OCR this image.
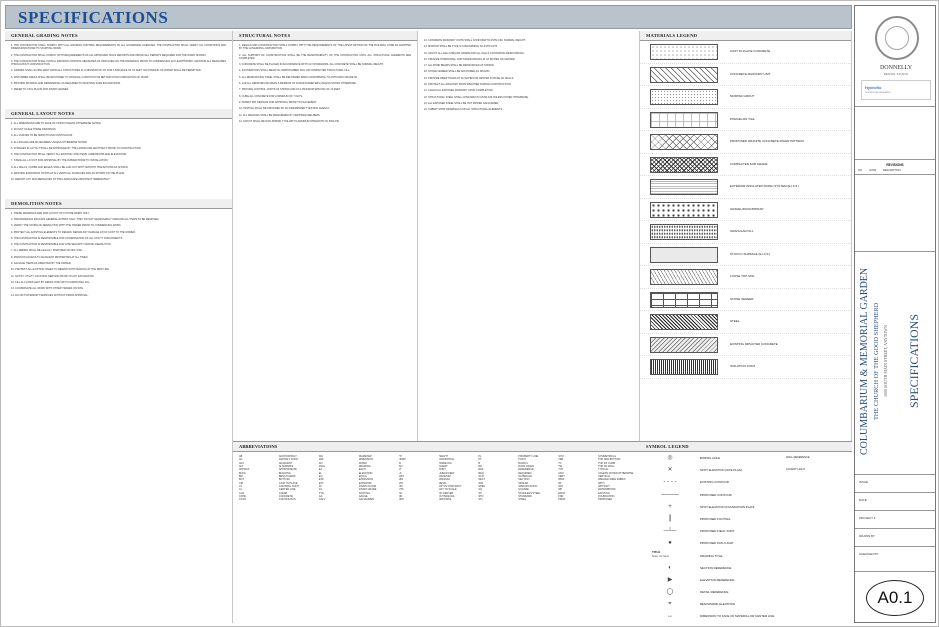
SPECIFICATIONS
GENERAL GRADING NOTES
1. THE CONTRACTOR SHALL COMPLY WITH ALL GRADING CONTROL REQUIREMENTS OF ALL GOVERNING AGENCIES. THE CONTRACTOR SHALL VERIFY ALL CONDITIONS AND DIMENSIONS PRIOR TO STARTING WORK.
2. THE CONTRACTOR SHALL COMPLY WITH REQUIREMENTS OF ALL APPROVED SOILS REPORTS AND OBTAIN ALL PERMITS REQUIRED FOR THE WORK SHOWN.
3. THE CONTRACTOR SHALL INSTALL EROSION CONTROL MEASURES AS INDICATED ON THE DRAWINGS PRIOR TO COMMENCING ANY EARTHWORK. MAINTAIN ALL MEASURES THROUGHOUT CONSTRUCTION.
4. GRADES SHALL SLOPE AWAY FROM ALL STRUCTURES AT A MINIMUM OF 2% FOR A DISTANCE OF 10 FEET. NO PONDING OF WATER SHALL BE PERMITTED.
5. DISTURBED AREAS SHALL BE RESTORED TO ORIGINAL CONDITION OR BETTER UPON COMPLETION OF WORK.
6. PROVIDE SHORING AND DEWATERING AS REQUIRED TO MAINTAIN SAFE EXCAVATIONS.
7. REFER TO CIVIL PLANS FOR FINISH GRADES.
GENERAL LAYOUT NOTES
1. ALL DIMENSIONS ARE TO FACE OF FINISH UNLESS OTHERWISE NOTED.
2. DO NOT SCALE THESE DRAWINGS.
3. ALL CURVES TO BE SMOOTH AND CONTINUOUS.
4. ALL ANGLES ARE 90 DEGREES UNLESS OTHERWISE NOTED.
5. CHANGES IN LAYOUT SHALL BE APPROVED BY THE LANDSCAPE ARCHITECT PRIOR TO CONSTRUCTION.
6. THE CONTRACTOR SHALL VERIFY ALL EXISTING SITE ITEMS, DIMENSIONS AND ELEVATIONS.
7. STAKE ALL LAYOUT FOR APPROVAL BY THE OWNER PRIOR TO INSTALLATION.
8. ALL WALLS, CURBS AND EDGES SHALL BE LAID OUT WITH SMOOTH TRANSITIONS AS SHOWN.
9. PROVIDE EXPANSION JOINTS AT ALL VERTICAL SURFACES AND AS SHOWN ON THE PLANS.
10. REPORT ANY DISCREPANCIES TO THE LANDSCAPE ARCHITECT IMMEDIATELY.
DEMOLITION NOTES
1. THESE DRAWINGS ARE FOR LAYOUT OF FUTURE WORK ONLY.
2. THE DRAWINGS INDICATE GENERAL EXTENT ONLY. THEY DO NOT NECESSARILY INDICATE ALL ITEMS TO BE REMOVED.
3. VERIFY THE SCOPE OF DEMOLITION WITH THE OWNER PRIOR TO COMMENCING WORK.
4. PROTECT ALL EXISTING ELEMENTS TO REMAIN. REPAIR ANY DAMAGE AT NO COST TO THE OWNER.
5. THE CONTRACTOR IS RESPONSIBLE FOR COORDINATION OF ALL UTILITY DISCONNECTS.
6. THE CONTRACTOR IS RESPONSIBLE FOR SITE SECURITY DURING DEMOLITION.
7. ALL DEBRIS SHALL BE LEGALLY DISPOSED OF OFF SITE.
8. MAINTAIN ACCESS TO ADJACENT PROPERTIES AT ALL TIMES.
9. SALVAGE ITEMS AS DIRECTED BY THE OWNER.
10. PROTECT ALL EXISTING TREES TO REMAIN WITH FENCING AT THE DRIP LINE.
11. NOTIFY UTILITY LOCATING SERVICE PRIOR TO ANY EXCAVATION.
12. FILL ALL VOIDS LEFT BY DEMOLITION WITH COMPACTED FILL.
13. COORDINATE ALL WORK WITH OTHER TRADES ON SITE.
14. DO NOT INTERRUPT SERVICES WITHOUT PRIOR APPROVAL.
STRUCTURAL NOTES
1. DESIGN AND CONSTRUCTION SHALL COMPLY WITH THE REQUIREMENTS OF THE LATEST EDITION OF THE BUILDING CODE AS ADOPTED BY THE GOVERNING JURISDICTION.
2. ALL SUPPORT OF CONSTRUCTION SHALL BE THE RESPONSIBILITY OF THE CONTRACTOR UNTIL ALL STRUCTURAL ELEMENTS ARE COMPLETED.
3. CONCRETE SHALL BE PLACED IN ACCORDANCE WITH ACI STANDARDS. ALL CONCRETE SHALL BE NORMAL WEIGHT.
4. FOUNDATIONS SHALL BEAR ON UNDISTURBED SOIL OR COMPACTED STRUCTURAL FILL.
5. ALL REINFORCING STEEL SHALL BE DEFORMED BARS CONFORMING TO ASTM A615 GRADE 60.
6. LAP ALL REINFORCING BARS A MINIMUM OF 40 BAR DIAMETERS UNLESS NOTED OTHERWISE.
7. PROVIDE CONTROL JOINTS AS SHOWN AND AT A MAXIMUM SPACING OF 10 FEET.
8. CURE ALL CONCRETE FOR A MINIMUM OF 7 DAYS.
9. SUBMIT MIX DESIGNS FOR APPROVAL PRIOR TO PLACEMENT.
10. TESTING SHALL BE PROVIDED BY AN INDEPENDENT TESTING AGENCY.
11. ALL WELDING SHALL BE PERFORMED BY CERTIFIED WELDERS.
12. GROUT SHALL BE NON-SHRINK TYPE WITH A MINIMUM STRENGTH OF 5000 PSI.
13. CONCRETE MASONRY UNITS SHALL CONFORM TO ASTM C90, NORMAL WEIGHT.
14. MORTAR SHALL BE TYPE S CONFORMING TO ASTM C270.
15. GROUT ALL CELLS BELOW GRADE AND ALL CELLS CONTAINING REINFORCING.
16. PROVIDE HORIZONTAL JOINT REINFORCING AT 16 INCHES ON CENTER.
17. ALL BOND BEAMS SHALL BE REINFORCED AS SHOWN.
18. STONE VENEER SHALL BE ANCHORED AS SHOWN.
19. PROVIDE WEEP HOLES AT 32 INCHES ON CENTER AT BASE OF WALLS.
20. PROTECT ALL MASONRY FROM WEATHER DURING CONSTRUCTION.
21. CLEAN ALL EXPOSED MASONRY UPON COMPLETION.
22. STRUCTURAL STEEL SHALL CONFORM TO ASTM A36 UNLESS NOTED OTHERWISE.
23. ALL EXPOSED STEEL SHALL BE HOT DIPPED GALVANIZED.
24. SUBMIT SHOP DRAWINGS FOR ALL STRUCTURAL ELEMENTS.
ABBREVIATIONS
AB	ANCHOR BOLT	DIA	DIAMETER	HT	HEIGHT	PL	PROPERTY LINE	SYM	SYMMETRICAL
AC	ASPHALT CONC.	DIM	DIMENSION	HORZ	HORIZONTAL	PT	POINT	T&B	TOP AND BOTTOM
ADJ	ADJACENT	DN	DOWN	ID	INSIDE DIA.	R	RADIUS	TC	TOP OF CURB
ALT	ALTERNATE	DWG	DRAWING	INV	INVERT	RD	ROOF DRAIN	TW	TOP OF WALL
APPROX	APPROXIMATE	EA	EACH	JT	JOINT	REF	REFERENCE	TYP	TYPICAL
BLDG	BUILDING	EL	ELEVATION	LF	LINEAR FEET	REQ	REQUIRED	UNO	UNLESS NOTED OTHERWISE
BM	BENCH MARK	EQ	EQUAL	MAX	MAXIMUM	SCH	SCHEDULE	VERT	VERTICAL
BOT	BOTTOM	EXP	EXPANSION	MIN	MINIMUM	SECT	SECTION	WWF	WELDED WIRE FABRIC
CIP	CAST IN PLACE	EXT	EXTERIOR	MTL	METAL	SIM	SIMILAR	W/	WITH
CJ	CONTROL JOINT	FF	FINISH FLOOR	NIC	NOT IN CONTRACT	SPEC	SPECIFICATION	W/O	WITHOUT
CL	CENTER LINE	FG	FINISH GRADE	NTS	NOT TO SCALE	SQ	SQUARE	WP	WATERPROOF
CLR	CLEAR	FTG	FOOTING	OC	ON CENTER	SS	STAINLESS STEEL	EXIST	EXISTING
CONC	CONCRETE	GA	GAUGE	OD	OUTSIDE DIA.	STD	STANDARD	FND	FOUNDATION
CONT	CONTINUOUS	GALV	GALVANIZED	OPP	OPPOSITE	STL	STEEL	PROP	PROPOSED
MATERIALS LEGEND
CAST IN PLACE CONCRETE
CONCRETE MASONRY UNIT
MORTAR GROUT
PORCELAIN TILE
PROPOSED GRANITE CONCRETE PAVER PATTERN
COMPACTED SUB GRADE
EXTERIOR INSULATED FINISH SYSTEM (E.I.F.S.)
GRAVEL/ROCK/RIPRAP
GRANULAR FILL
STUCCO SURFACE (E.I.F.S.)
LOOSE TOP SOIL
STONE VENEER
STEEL
EXISTING IMPACTED CONCRETE
ISOLATION JOINT
SYMBOL LEGEND
◎	BORING HOLE	WALL REFERENCE
✕	SPOT ELEVATION (SITE PLAN)	ACCENT LIGHT
- - - -	EXISTING CONTOUR
———	PROPOSED CONTOUR
+	SPOT ELEVATION (FOUNDATION PLAN)
┃	PROPOSED FOOTING
─┴─	PROPOSED FIELD JOINT
●	PROPOSED PATH LIGHT
DRAWING TITLE
TITLE
Scale: As Noted
◐	SECTION REFERENCE
▶	ELEVATION REFERENCE
◯	DETAIL REFERENCE
⌖	BENCHMARK ELEVATION
↔	DIMENSION TO FACE OF MATERIAL OR CENTER LINE
DONNELLY
DESIGN STUDIO
Hydroflo
CONSULTING ENGINEERS
REVISIONS
NO.	DATE	DESCRIPTION
COLUMBARIUM & MEMORIAL GARDEN THE CHURCH OF THE GOOD SHEPHERD 1000 SOUTH MAIN STREET, ANYTOWN	SPECIFICATIONS
ISSUE
DATE
PROJECT #
DRAWN BY
CHECKED BY
A0.1
